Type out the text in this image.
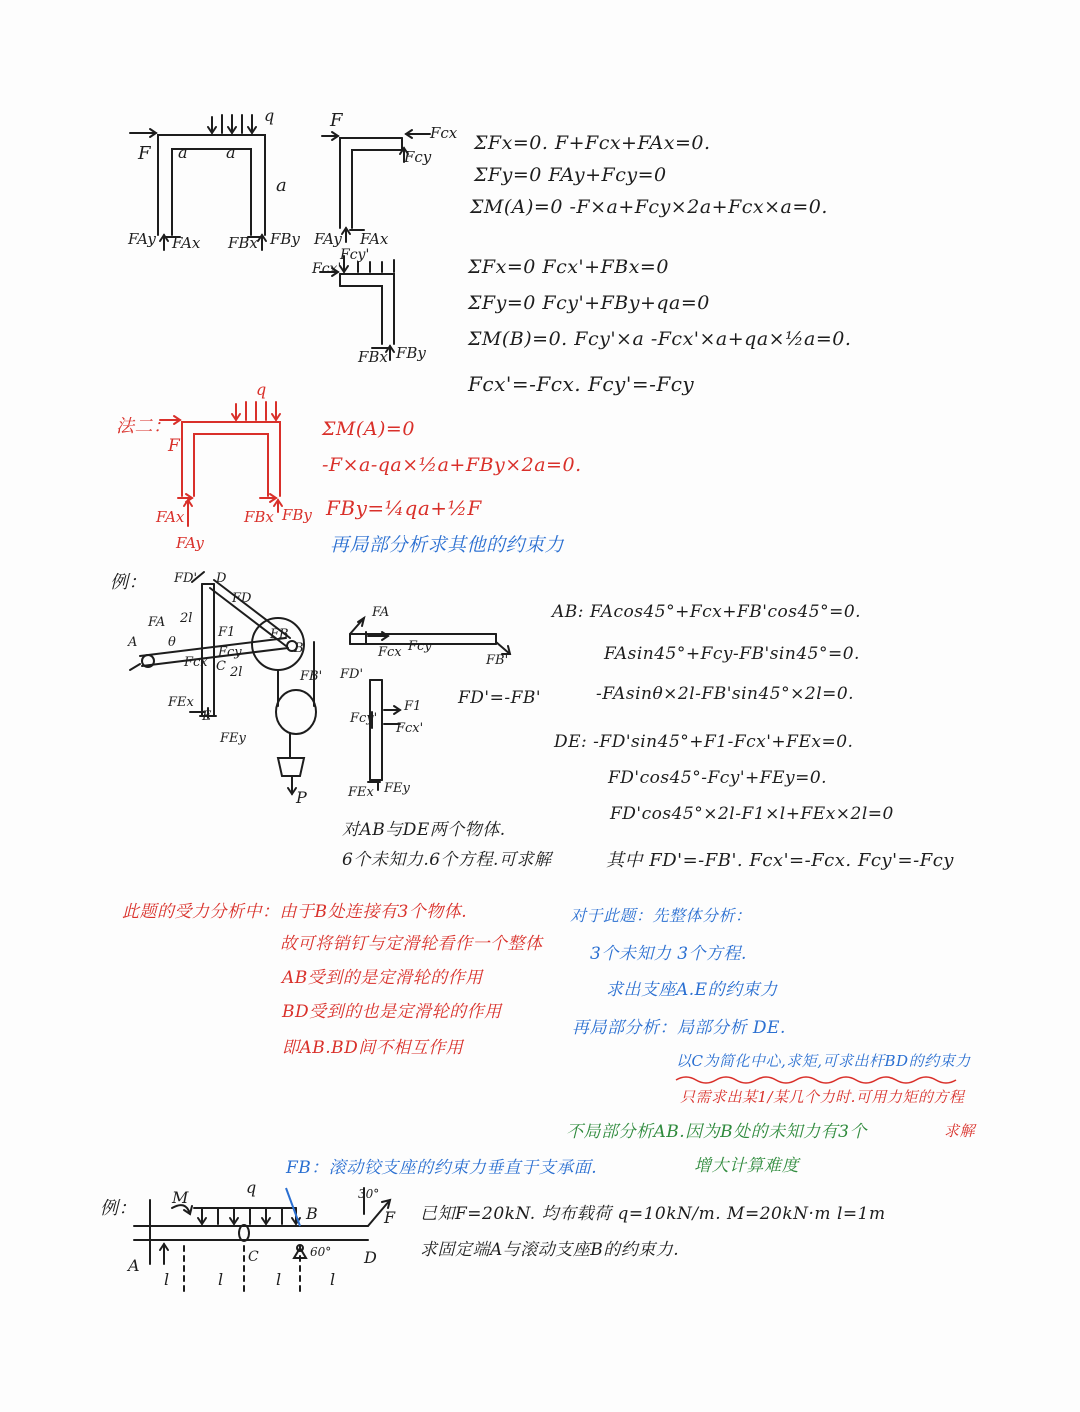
F a a
a
q
FAy FAx FBx FBy
F
Fcx
Fcy
FAy FAx
Fcx'
Fcy'
FBx FBy
ΣFx=0. F+Fcx+FAx=0.
ΣFy=0 FAy+Fcy=0
ΣM(A)=0 -F×a+Fcy×2a+Fcx×a=0.
ΣFx=0 Fcx'+FBx=0
ΣFy=0 Fcy'+FBy+qa=0
ΣM(B)=0. Fcy'×a -Fcx'×a+qa×½a=0.
Fcx'=-Fcx. Fcy'=-Fcy
法二：
F
q
FAx
FAy
FBx FBy
ΣM(A)=0
-F×a-qa×½a+FBy×2a=0.
FBy=¼qa+½F
再局部分析求其他的约束力
例： FD' D
FD
FA 2l
F1
A θ
FB
B
Fcx
Fcy
C 2l	FB'
FEx
E
FEy
P
FA
Fcx Fcy
FB'
FD'
F1
Fcy'
Fcx'
FEx FEy
FD'=-FB'
AB: FAcos45°+Fcx+FB'cos45°=0.
FAsin45°+Fcy-FB'sin45°=0.
-FAsinθ×2l-FB'sin45°×2l=0.
DE: -FD'sin45°+F1-Fcx'+FEx=0.
FD'cos45°-Fcy'+FEy=0.
FD'cos45°×2l-F1×l+FEx×2l=0
其中 FD'=-FB'. Fcx'=-Fcx. Fcy'=-Fcy
对AB与DE两个物体.
6个未知力.6个方程.可求解
此题的受力分析中：由于B处连接有3个物体.
故可将销钉与定滑轮看作一个整体
AB受到的是定滑轮的作用
BD受到的也是定滑轮的作用
即AB.BD间不相互作用
对于此题：先整体分析：
3个未知力 3个方程.
求出支座A.E的约束力
再局部分析：局部分析 DE.
以C为简化中心,求矩,可求出杆BD的约束力
只需求出某1/某几个力时.可用力矩的方程
求解
不局部分析AB.因为B处的未知力有3个
增大计算难度
FB：滚动铰支座的约束力垂直于支承面.
例：
M
q
A
B
C	D
F
30°
60°
l	l	l	l
已知F=20kN. 均布载荷 q=10kN/m. M=20kN·m l=1m
求固定端A与滚动支座B的约束力.
